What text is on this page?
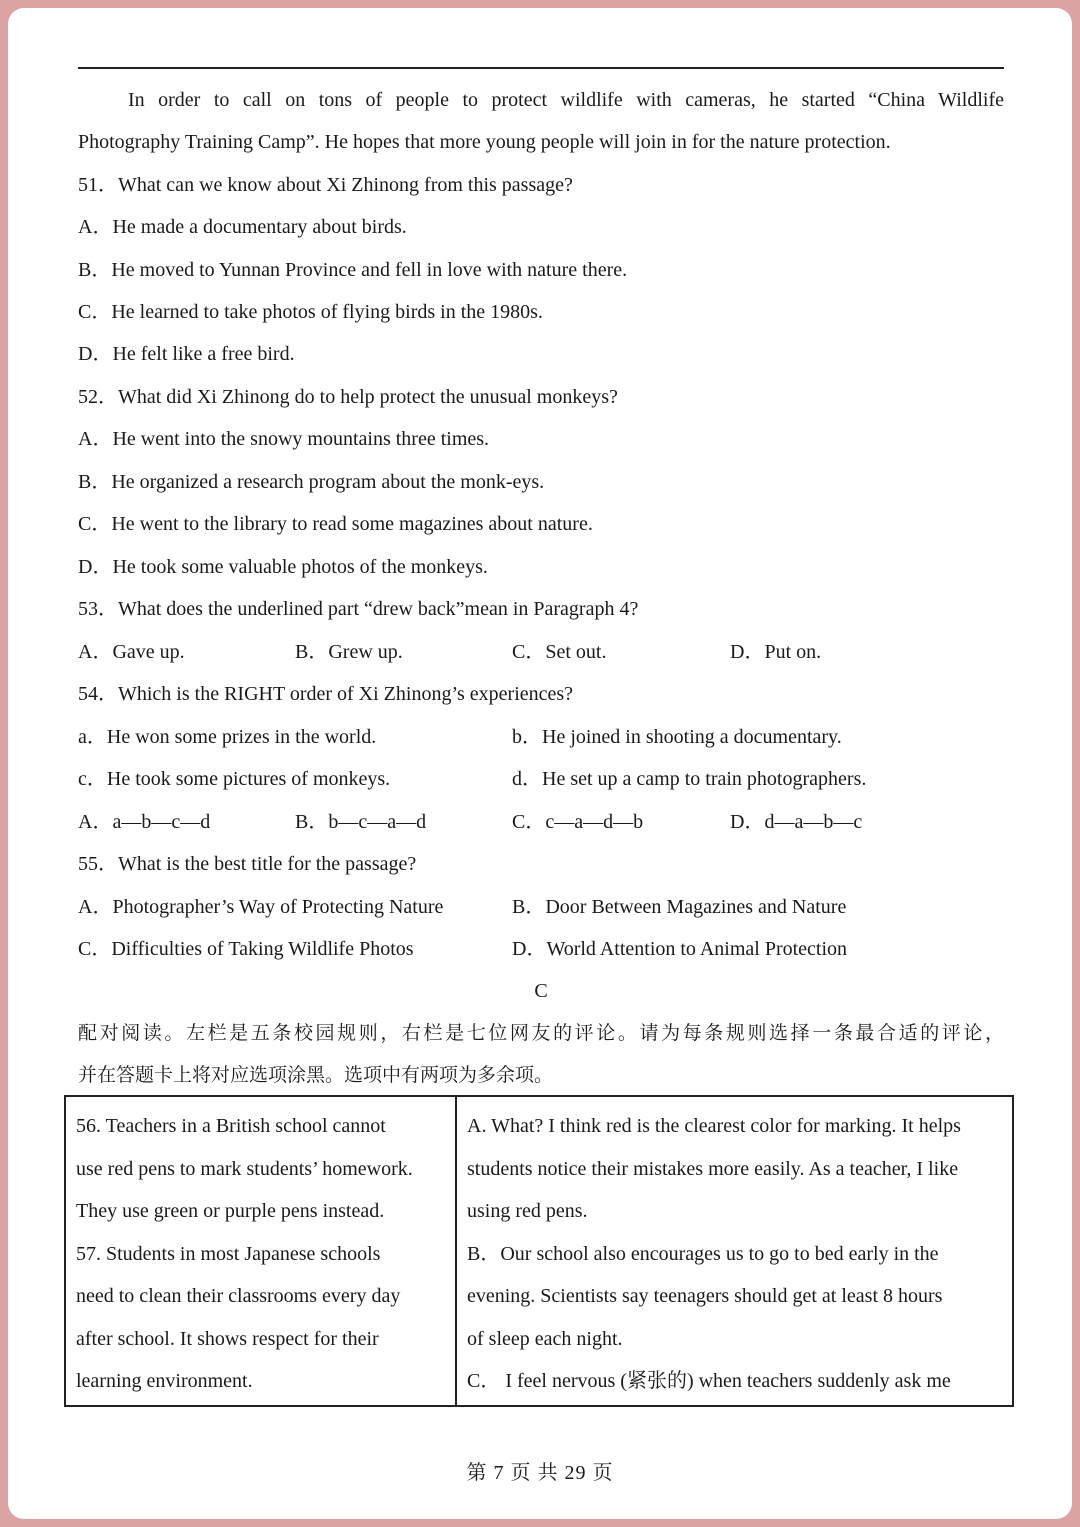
In order to call on tons of people to protect wildlife with cameras, he started “China Wildlife
Photography Training Camp”. He hopes that more young people will join in for the nature protection.
51．What can we know about Xi Zhinong from this passage?
A．He made a documentary about birds.
B．He moved to Yunnan Province and fell in love with nature there.
C．He learned to take photos of flying birds in the 1980s.
D．He felt like a free bird.
52．What did Xi Zhinong do to help protect the unusual monkeys?
A．He went into the snowy mountains three times.
B．He organized a research program about the monk-eys.
C．He went to the library to read some magazines about nature.
D．He took some valuable photos of the monkeys.
53．What does the underlined part “drew back”mean in Paragraph 4?
A．Gave up.	B．Grew up.	C．Set out.	D．Put on.
54．Which is the RIGHT order of Xi Zhinong’s experiences?
a．He won some prizes in the world.	b．He joined in shooting a documentary.
c．He took some pictures of monkeys.	d．He set up a camp to train photographers.
A．a—b—c—d	B．b—c—a—d	C．c—a—d—b	D．d—a—b—c
55．What is the best title for the passage?
A．Photographer’s Way of Protecting Nature	B．Door Between Magazines and Nature
C．Difficulties of Taking Wildlife Photos	D．World Attention to Animal Protection
C
配对阅读。左栏是五条校园规则，右栏是七位网友的评论。请为每条规则选择一条最合适的评论，
并在答题卡上将对应选项涂黑。选项中有两项为多余项。
56. Teachers in a British school cannot
use red pens to mark students’ homework.
They use green or purple pens instead.
57. Students in most Japanese schools
need to clean their classrooms every day
after school. It shows respect for their
learning environment.
A. What? I think red is the clearest color for marking. It helps
students notice their mistakes more easily. As a teacher, I like
using red pens.
B．Our school also encourages us to go to bed early in the
evening. Scientists say teenagers should get at least 8 hours
of sleep each night.
C． I feel nervous (紧张的) when teachers suddenly ask me
第 7 页 共 29 页
